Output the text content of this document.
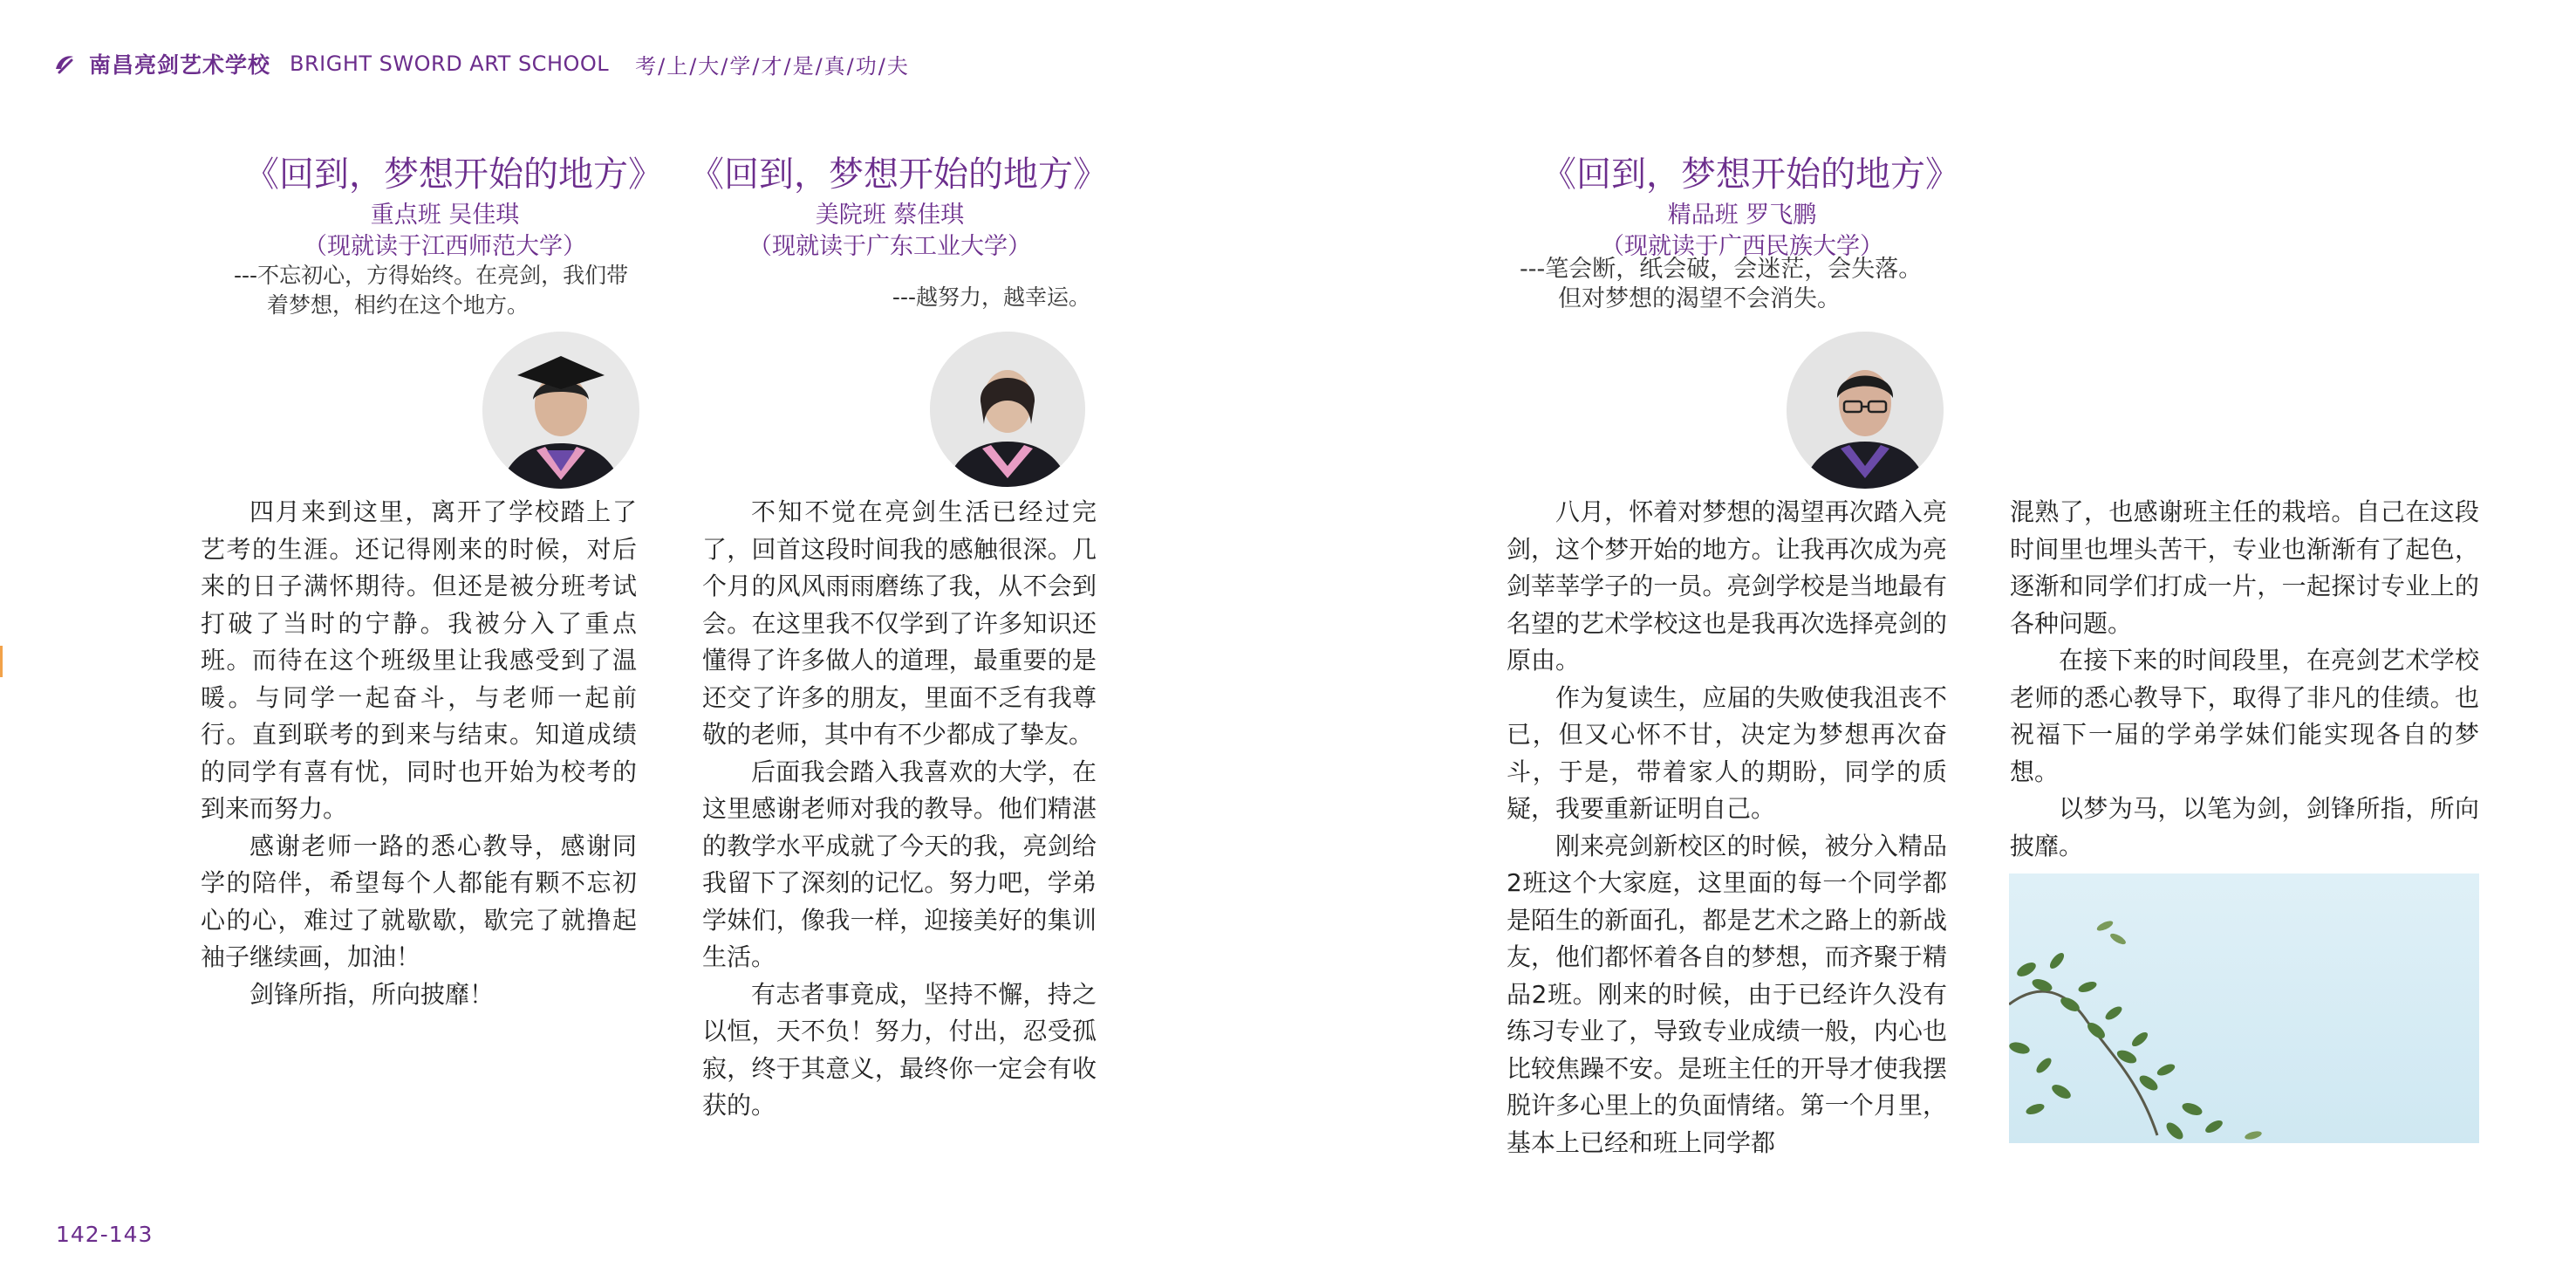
南昌亮剑艺术学校 BRIGHT SWORD ART SCHOOL 考/上/大/学/才/是/真/功/夫
《回到，梦想开始的地方》
重点班 吴佳琪
（现就读于江西师范大学）
---不忘初心，方得始终。在亮剑，我们带
着梦想，相约在这个地方。

四月来到这里，离开了学校踏上了艺考的生涯。还记得刚来的时候，对后来的日子满怀期待。但还是被分班考试打破了当时的宁静。我被分入了重点班。而待在这个班级里让我感受到了温暖。与同学一起奋斗，与老师一起前行。直到联考的到来与结束。知道成绩的同学有喜有忧，同时也开始为校考的到来而努力。

感谢老师一路的悉心教导，感谢同学的陪伴，希望每个人都能有颗不忘初心的心，难过了就歇歇，歇完了就撸起袖子继续画，加油！

剑锋所指，所向披靡！

《回到，梦想开始的地方》
美院班 蔡佳琪
（现就读于广东工业大学）
---越努力，越幸运。

不知不觉在亮剑生活已经过完了，回首这段时间我的感触很深。几个月的风风雨雨磨练了我，从不会到会。在这里我不仅学到了许多知识还懂得了许多做人的道理，最重要的是还交了许多的朋友，里面不乏有我尊敬的老师，其中有不少都成了挚友。

后面我会踏入我喜欢的大学，在这里感谢老师对我的教导。他们精湛的教学水平成就了今天的我，亮剑给我留下了深刻的记忆。努力吧，学弟学妹们，像我一样，迎接美好的集训生活。

有志者事竟成，坚持不懈，持之以恒，天不负！努力，付出，忍受孤寂，终于其意义，最终你一定会有收获的。

《回到，梦想开始的地方》
精品班 罗飞鹏
（现就读于广西民族大学）
---笔会断，纸会破，会迷茫，会失落。
但对梦想的渴望不会消失。

八月，怀着对梦想的渴望再次踏入亮剑，这个梦开始的地方。让我再次成为亮剑莘莘学子的一员。亮剑学校是当地最有名望的艺术学校这也是我再次选择亮剑的原由。

作为复读生，应届的失败使我沮丧不已，但又心怀不甘，决定为梦想再次奋斗，于是，带着家人的期盼，同学的质疑，我要重新证明自己。

刚来亮剑新校区的时候，被分入精品2班这个大家庭，这里面的每一个同学都是陌生的新面孔，都是艺术之路上的新战友，他们都怀着各自的梦想，而齐聚于精品2班。刚来的时候，由于已经许久没有练习专业了，导致专业成绩一般，内心也比较焦躁不安。是班主任的开导才使我摆脱许多心里上的负面情绪。第一个月里，基本上已经和班上同学都

混熟了，也感谢班主任的栽培。自己在这段时间里也埋头苦干，专业也渐渐有了起色，逐渐和同学们打成一片，一起探讨专业上的各种问题。

在接下来的时间段里，在亮剑艺术学校老师的悉心教导下，取得了非凡的佳绩。也祝福下一届的学弟学妹们能实现各自的梦想。

以梦为马，以笔为剑，剑锋所指，所向披靡。

142-143
